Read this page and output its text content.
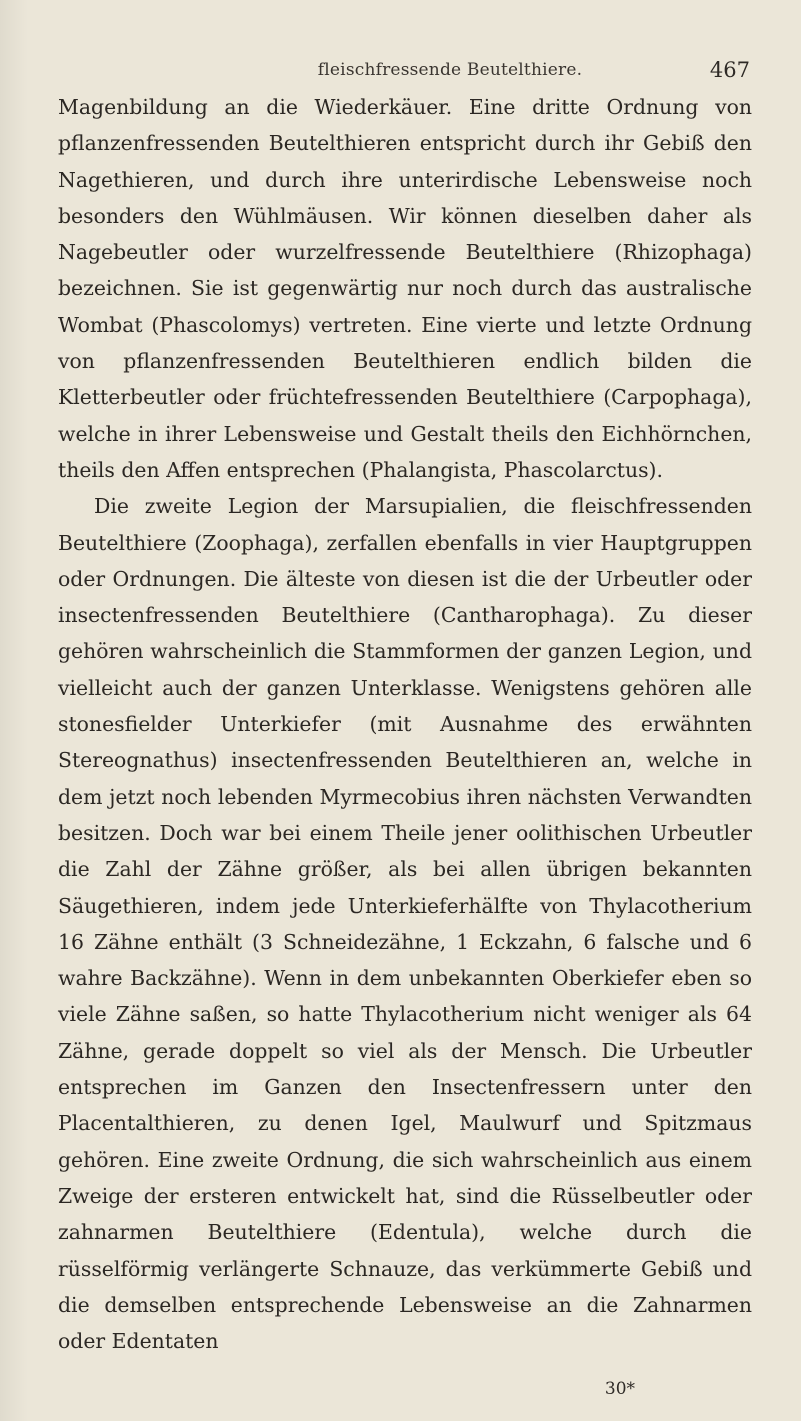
fleischfressende Beutelthiere.	467

Magenbildung an die Wiederkäuer. Eine dritte Ordnung von pflanzenfressenden Beutelthieren entspricht durch ihr Gebiß den Nagethieren, und durch ihre unterirdische Lebensweise noch besonders den Wühlmäusen. Wir können dieselben daher als Nagebeutler oder wurzelfressende Beutelthiere (Rhizophaga) bezeichnen. Sie ist gegenwärtig nur noch durch das australische Wombat (Phascolomys) vertreten. Eine vierte und letzte Ordnung von pflanzenfressenden Beutelthieren endlich bilden die Kletterbeutler oder früchtefressenden Beutelthiere (Carpophaga), welche in ihrer Lebensweise und Gestalt theils den Eichhörnchen, theils den Affen entsprechen (Phalangista, Phascolarctus).

Die zweite Legion der Marsupialien, die fleischfressenden Beutelthiere (Zoophaga), zerfallen ebenfalls in vier Hauptgruppen oder Ordnungen. Die älteste von diesen ist die der Urbeutler oder insectenfressenden Beutelthiere (Cantharophaga). Zu dieser gehören wahrscheinlich die Stammformen der ganzen Legion, und vielleicht auch der ganzen Unterklasse. Wenigstens gehören alle stonesfielder Unterkiefer (mit Ausnahme des erwähnten Stereognathus) insectenfressenden Beutelthieren an, welche in dem jetzt noch lebenden Myrmecobius ihren nächsten Verwandten besitzen. Doch war bei einem Theile jener oolithischen Urbeutler die Zahl der Zähne größer, als bei allen übrigen bekannten Säugethieren, indem jede Unterkieferhälfte von Thylacotherium 16 Zähne enthält (3 Schneidezähne, 1 Eckzahn, 6 falsche und 6 wahre Backzähne). Wenn in dem unbekannten Oberkiefer eben so viele Zähne saßen, so hatte Thylacotherium nicht weniger als 64 Zähne, gerade doppelt so viel als der Mensch. Die Urbeutler entsprechen im Ganzen den Insectenfressern unter den Placentalthieren, zu denen Igel, Maulwurf und Spitzmaus gehören. Eine zweite Ordnung, die sich wahrscheinlich aus einem Zweige der ersteren entwickelt hat, sind die Rüsselbeutler oder zahnarmen Beutelthiere (Edentula), welche durch die rüsselförmig verlängerte Schnauze, das verkümmerte Gebiß und die demselben entsprechende Lebensweise an die Zahnarmen oder Edentaten

30*
